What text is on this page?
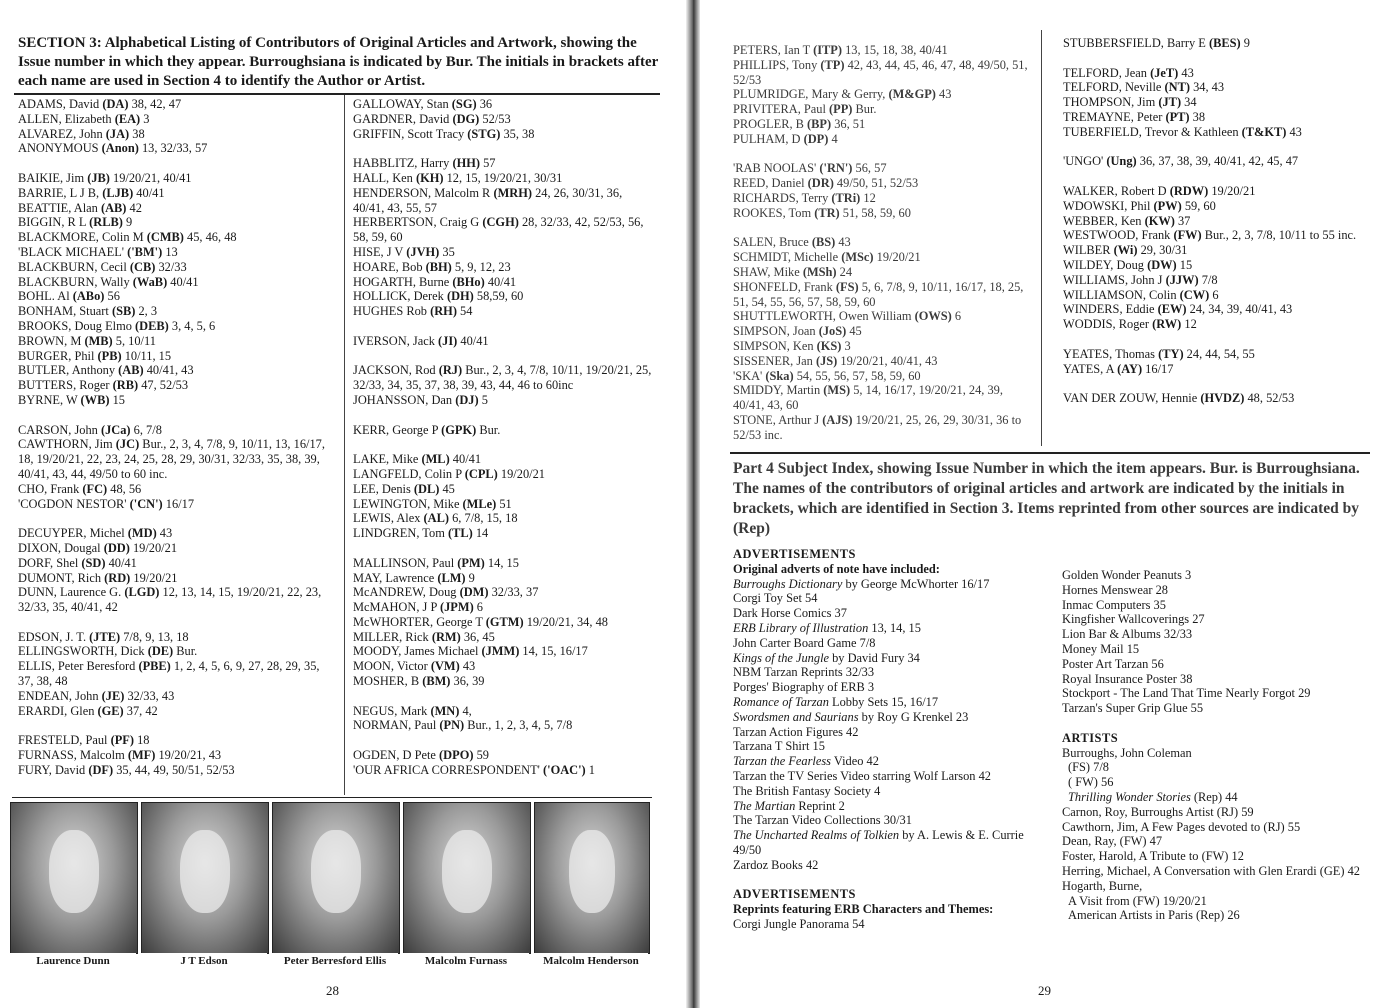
SECTION 3: Alphabetical Listing of Contributors of Original Articles and Artwork, showing the Issue number in which they appear. Burroughsiana is indicated by Bur. The initials in brackets after each name are used in Section 4 to identify the Author or Artist.

ADAMS, David (DA) 38, 42, 47

ALLEN, Elizabeth (EA) 3

ALVAREZ, John (JA) 38

ANONYMOUS (Anon) 13, 32/33, 57

BAIKIE, Jim (JB) 19/20/21, 40/41

BARRIE, L J B, (LJB) 40/41

BEATTIE, Alan (AB) 42

BIGGIN, R L (RLB) 9

BLACKMORE, Colin M (CMB) 45, 46, 48

'BLACK MICHAEL' ('BM') 13

BLACKBURN, Cecil (CB) 32/33

BLACKBURN, Wally (WaB) 40/41

BOHL. Al (ABo) 56

BONHAM, Stuart (SB) 2, 3

BROOKS, Doug Elmo (DEB) 3, 4, 5, 6

BROWN, M (MB) 5, 10/11

BURGER, Phil (PB) 10/11, 15

BUTLER, Anthony (AB) 40/41, 43

BUTTERS, Roger (RB) 47, 52/53

BYRNE, W (WB) 15

CARSON, John (JCa) 6, 7/8

CAWTHORN, Jim (JC) Bur., 2, 3, 4, 7/8, 9, 10/11, 13, 16/17, 18, 19/20/21, 22, 23, 24, 25, 28, 29, 30/31, 32/33, 35, 38, 39, 40/41, 43, 44, 49/50 to 60 inc.

CHO, Frank (FC) 48, 56

'COGDON NESTOR' ('CN') 16/17

DECUYPER, Michel (MD) 43

DIXON, Dougal (DD) 19/20/21

DORF, Shel (SD) 40/41

DUMONT, Rich (RD) 19/20/21

DUNN, Laurence G. (LGD) 12, 13, 14, 15, 19/20/21, 22, 23, 32/33, 35, 40/41, 42

EDSON, J. T. (JTE) 7/8, 9, 13, 18

ELLINGSWORTH, Dick (DE) Bur.

ELLIS, Peter Beresford (PBE) 1, 2, 4, 5, 6, 9, 27, 28, 29, 35, 37, 38, 48

ENDEAN, John (JE) 32/33, 43

ERARDI, Glen (GE) 37, 42

FRESTELD, Paul (PF) 18

FURNASS, Malcolm (MF) 19/20/21, 43

FURY, David (DF) 35, 44, 49, 50/51, 52/53

GALLOWAY, Stan (SG) 36

GARDNER, David (DG) 52/53

GRIFFIN, Scott Tracy (STG) 35, 38

HABBLITZ, Harry (HH) 57

HALL, Ken (KH) 12, 15, 19/20/21, 30/31

HENDERSON, Malcolm R (MRH) 24, 26, 30/31, 36, 40/41, 43, 55, 57

HERBERTSON, Craig G (CGH) 28, 32/33, 42, 52/53, 56, 58, 59, 60

HISE, J V (JVH) 35

HOARE, Bob (BH) 5, 9, 12, 23

HOGARTH, Burne (BHo) 40/41

HOLLICK, Derek (DH) 58,59, 60

HUGHES Rob (RH) 54

IVERSON, Jack (JI) 40/41

JACKSON, Rod (RJ) Bur., 2, 3, 4, 7/8, 10/11, 19/20/21, 25, 32/33, 34, 35, 37, 38, 39, 43, 44, 46 to 60inc

JOHANSSON, Dan (DJ) 5

KERR, George P (GPK) Bur.

LAKE, Mike (ML) 40/41

LANGFELD, Colin P (CPL) 19/20/21

LEE, Denis (DL) 45

LEWINGTON, Mike (MLe) 51

LEWIS, Alex (AL) 6, 7/8, 15, 18

LINDGREN, Tom (TL) 14

MALLINSON, Paul (PM) 14, 15

MAY, Lawrence (LM) 9

McANDREW, Doug (DM) 32/33, 37

McMAHON, J P (JPM) 6

McWHORTER, George T (GTM) 19/20/21, 34, 48

MILLER, Rick (RM) 36, 45

MOODY, James Michael (JMM) 14, 15, 16/17

MOON, Victor (VM) 43

MOSHER, B (BM) 36, 39

NEGUS, Mark (MN) 4,

NORMAN, Paul (PN) Bur., 1, 2, 3, 4, 5, 7/8

OGDEN, D Pete (DPO) 59

'OUR AFRICA CORRESPONDENT' ('OAC') 1

Laurence Dunn	J T Edson	Peter Berresford Ellis	Malcolm Furnass	Malcolm Henderson
28

PETERS, Ian T (ITP) 13, 15, 18, 38, 40/41

PHILLIPS, Tony (TP) 42, 43, 44, 45, 46, 47, 48, 49/50, 51, 52/53

PLUMRIDGE, Mary & Gerry, (M&GP) 43

PRIVITERA, Paul (PP) Bur.

PROGLER, B (BP) 36, 51

PULHAM, D (DP) 4

'RAB NOOLAS' ('RN') 56, 57

REED, Daniel (DR) 49/50, 51, 52/53

RICHARDS, Terry (TRi) 12

ROOKES, Tom (TR) 51, 58, 59, 60

SALEN, Bruce (BS) 43

SCHMIDT, Michelle (MSc) 19/20/21

SHAW, Mike (MSh) 24

SHONFELD, Frank (FS) 5, 6, 7/8, 9, 10/11, 16/17, 18, 25, 51, 54, 55, 56, 57, 58, 59, 60

SHUTTLEWORTH, Owen William (OWS) 6

SIMPSON, Joan (JoS) 45

SIMPSON, Ken (KS) 3

SISSENER, Jan (JS) 19/20/21, 40/41, 43

'SKA' (Ska) 54, 55, 56, 57, 58, 59, 60

SMIDDY, Martin (MS) 5, 14, 16/17, 19/20/21, 24, 39, 40/41, 43, 60

STONE, Arthur J (AJS) 19/20/21, 25, 26, 29, 30/31, 36 to 52/53 inc.

STUBBERSFIELD, Barry E (BES) 9

TELFORD, Jean (JeT) 43

TELFORD, Neville (NT) 34, 43

THOMPSON, Jim (JT) 34

TREMAYNE, Peter (PT) 38

TUBERFIELD, Trevor & Kathleen (T&KT) 43

'UNGO' (Ung) 36, 37, 38, 39, 40/41, 42, 45, 47

WALKER, Robert D (RDW) 19/20/21

WDOWSKI, Phil (PW) 59, 60

WEBBER, Ken (KW) 37

WESTWOOD, Frank (FW) Bur., 2, 3, 7/8, 10/11 to 55 inc.

WILBER (Wi) 29, 30/31

WILDEY, Doug (DW) 15

WILLIAMS, John J (JJW) 7/8

WILLIAMSON, Colin (CW) 6

WINDERS, Eddie (EW) 24, 34, 39, 40/41, 43

WODDIS, Roger (RW) 12

YEATES, Thomas (TY) 24, 44, 54, 55

YATES, A (AY) 16/17

VAN DER ZOUW, Hennie (HVDZ) 48, 52/53

Part 4 Subject Index, showing Issue Number in which the item appears. Bur. is Burroughsiana. The names of the contributors of original articles and artwork are indicated by the initials in brackets, which are identified in Section 3. Items reprinted from other sources are indicated by (Rep)

ADVERTISEMENTS

Original adverts of note have included:

Burroughs Dictionary by George McWhorter 16/17

Corgi Toy Set 54

Dark Horse Comics 37

ERB Library of Illustration 13, 14, 15

John Carter Board Game 7/8

Kings of the Jungle by David Fury 34

NBM Tarzan Reprints 32/33

Porges' Biography of ERB 3

Romance of Tarzan Lobby Sets 15, 16/17

Swordsmen and Saurians by Roy G Krenkel 23

Tarzan Action Figures 42

Tarzana T Shirt 15

Tarzan the Fearless Video 42

Tarzan the TV Series Video starring Wolf Larson 42

The British Fantasy Society 4

The Martian Reprint 2

The Tarzan Video Collections 30/31

The Uncharted Realms of Tolkien by A. Lewis & E. Currie 49/50

Zardoz Books 42

ADVERTISEMENTS

Reprints featuring ERB Characters and Themes:

Corgi Jungle Panorama 54

Golden Wonder Peanuts 3

Hornes Menswear 28

Inmac Computers 35

Kingfisher Wallcoverings 27

Lion Bar & Albums 32/33

Money Mail 15

Poster Art Tarzan 56

Royal Insurance Poster 38

Stockport - The Land That Time Nearly Forgot 29

Tarzan's Super Grip Glue 55

ARTISTS

Burroughs, John Coleman

(FS) 7/8

( FW) 56

Thrilling Wonder Stories (Rep) 44

Carnon, Roy, Burroughs Artist (RJ) 59

Cawthorn, Jim, A Few Pages devoted to (RJ) 55

Dean, Ray, (FW) 47

Foster, Harold, A Tribute to (FW) 12

Herring, Michael, A Conversation with Glen Erardi (GE) 42

Hogarth, Burne,

A Visit from (FW) 19/20/21

American Artists in Paris (Rep) 26

29
